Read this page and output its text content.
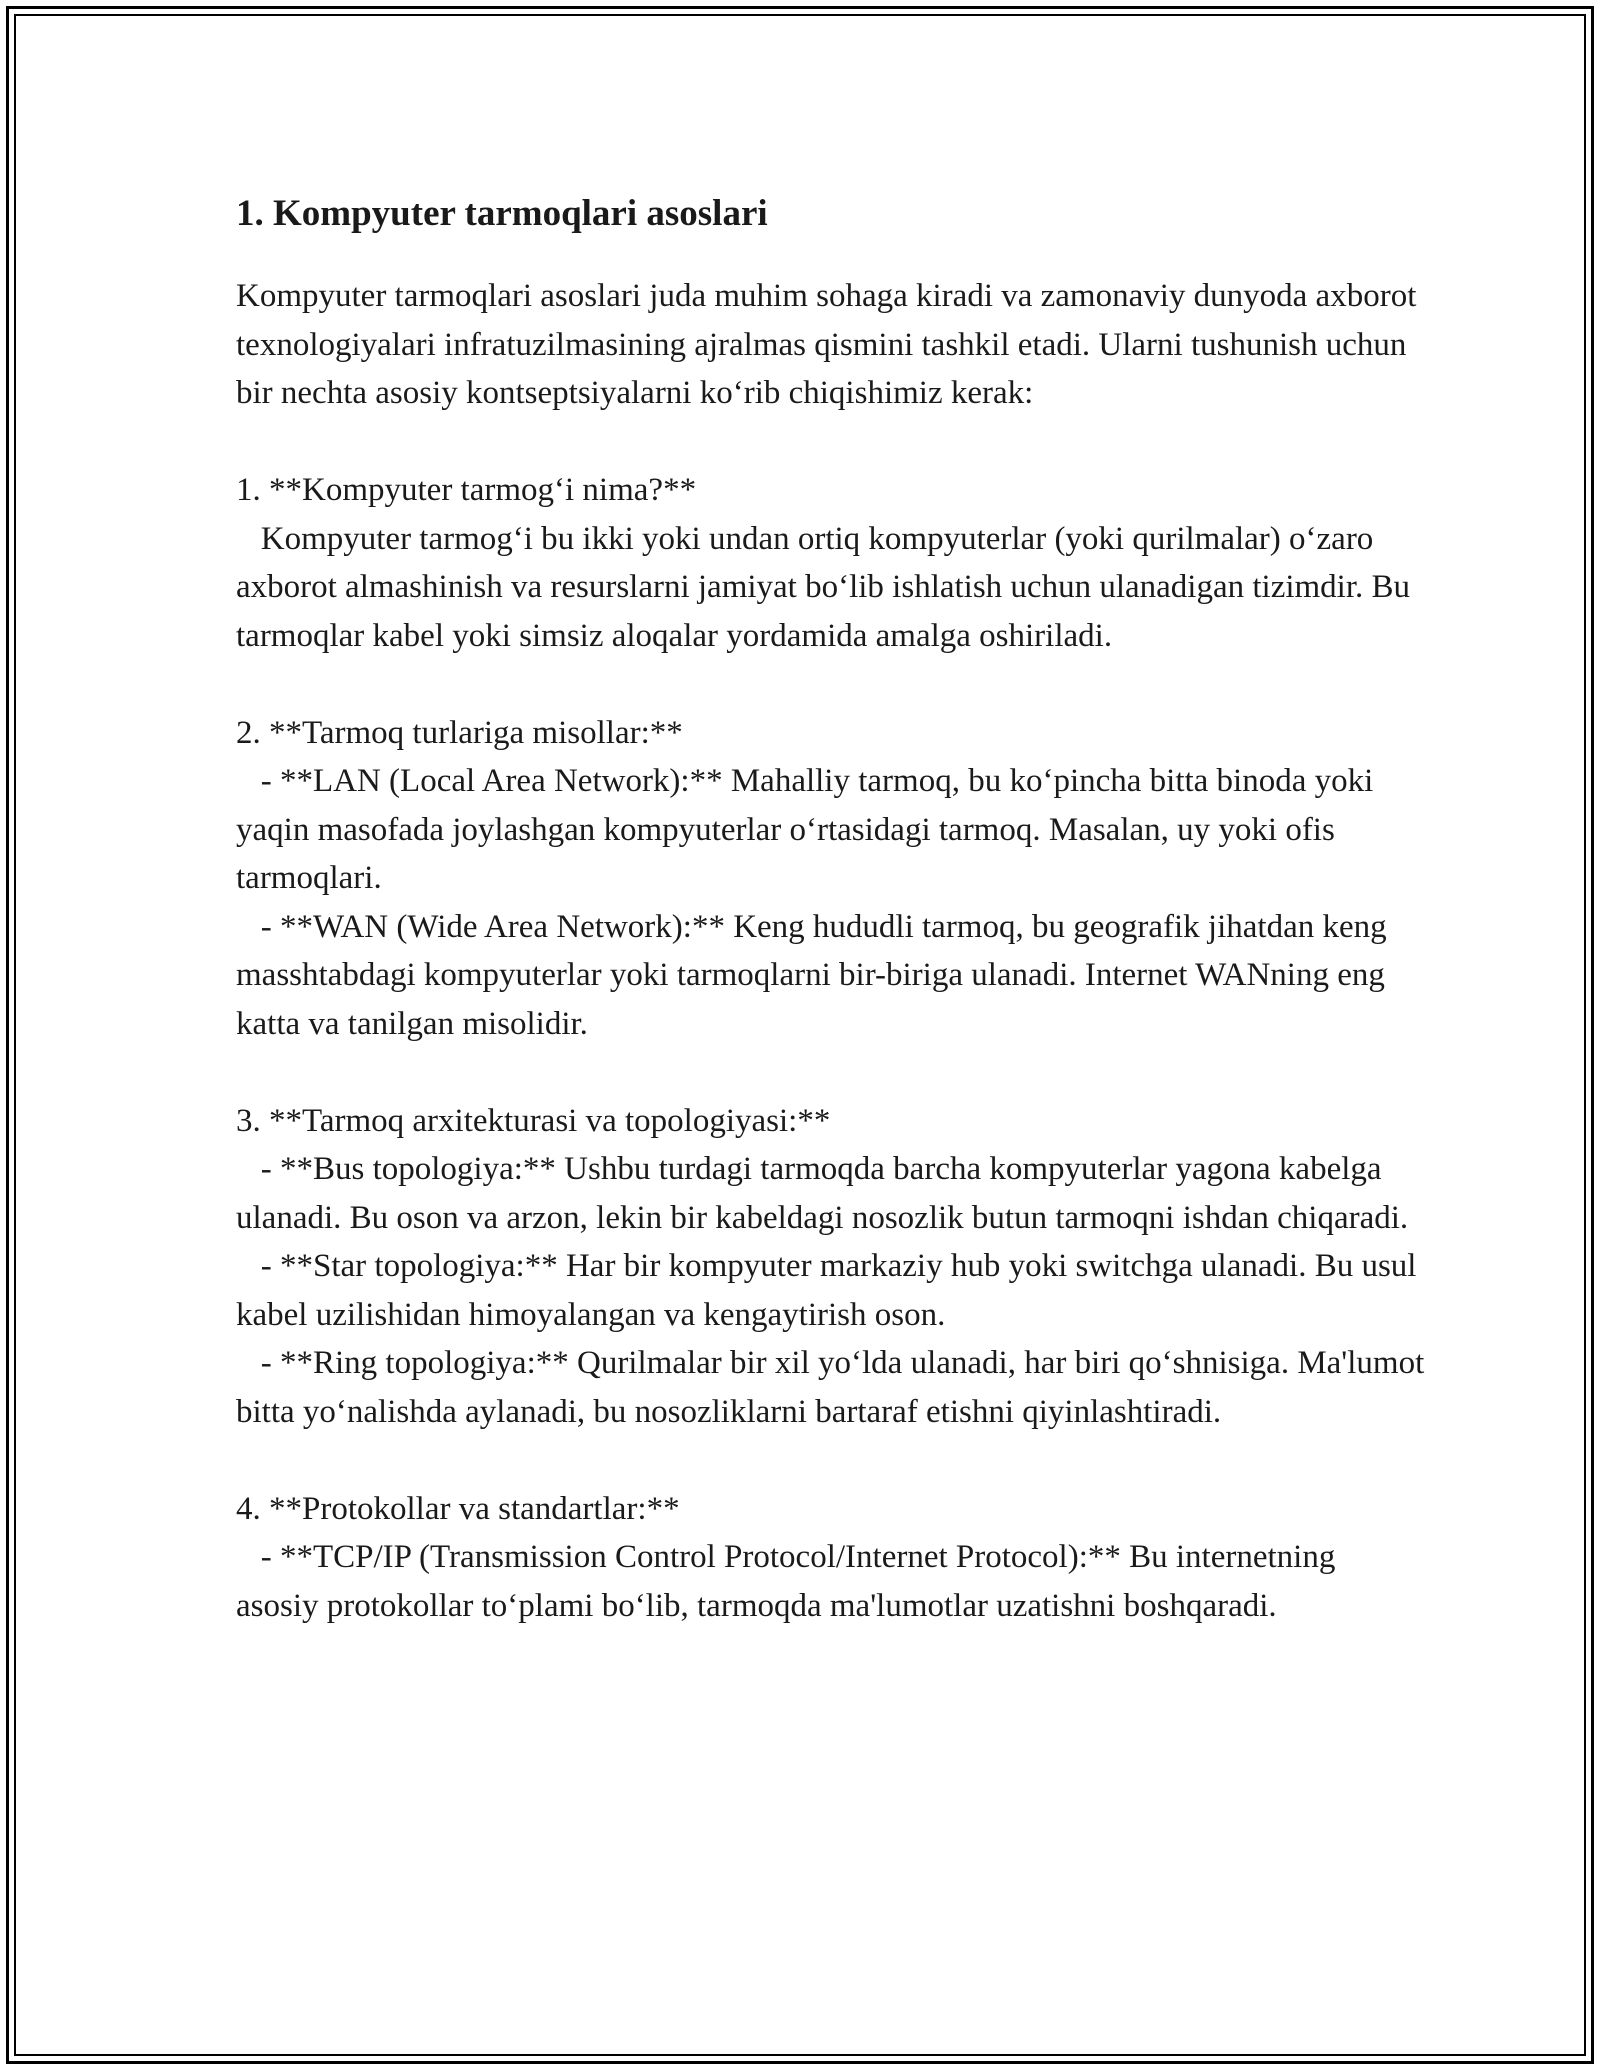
1. Kompyuter tarmoqlari asoslari

Kompyuter tarmoqlari asoslari juda muhim sohaga kiradi va zamonaviy dunyoda axborot texnologiyalari infratuzilmasining ajralmas qismini tashkil etadi. Ularni tushunish uchun bir nechta asosiy kontseptsiyalarni ko‘rib chiqishimiz kerak:

1. **Kompyuter tarmog‘i nima?**

Kompyuter tarmog‘i bu ikki yoki undan ortiq kompyuterlar (yoki qurilmalar) o‘zaro axborot almashinish va resurslarni jamiyat bo‘lib ishlatish uchun ulanadigan tizimdir. Bu tarmoqlar kabel yoki simsiz aloqalar yordamida amalga oshiriladi.

2. **Tarmoq turlariga misollar:**

- **LAN (Local Area Network):** Mahalliy tarmoq, bu ko‘pincha bitta binoda yoki yaqin masofada joylashgan kompyuterlar o‘rtasidagi tarmoq. Masalan, uy yoki ofis tarmoqlari.

- **WAN (Wide Area Network):** Keng hududli tarmoq, bu geografik jihatdan keng masshtabdagi kompyuterlar yoki tarmoqlarni bir-biriga ulanadi. Internet WANning eng katta va tanilgan misolidir.

3. **Tarmoq arxitekturasi va topologiyasi:**

- **Bus topologiya:** Ushbu turdagi tarmoqda barcha kompyuterlar yagona kabelga ulanadi. Bu oson va arzon, lekin bir kabeldagi nosozlik butun tarmoqni ishdan chiqaradi.

- **Star topologiya:** Har bir kompyuter markaziy hub yoki switchga ulanadi. Bu usul kabel uzilishidan himoyalangan va kengaytirish oson.

- **Ring topologiya:** Qurilmalar bir xil yo‘lda ulanadi, har biri qo‘shnisiga. Ma'lumot bitta yo‘nalishda aylanadi, bu nosozliklarni bartaraf etishni qiyinlashtiradi.

4. **Protokollar va standartlar:**

- **TCP/IP (Transmission Control Protocol/Internet Protocol):** Bu internetning asosiy protokollar to‘plami bo‘lib, tarmoqda ma'lumotlar uzatishni boshqaradi.
